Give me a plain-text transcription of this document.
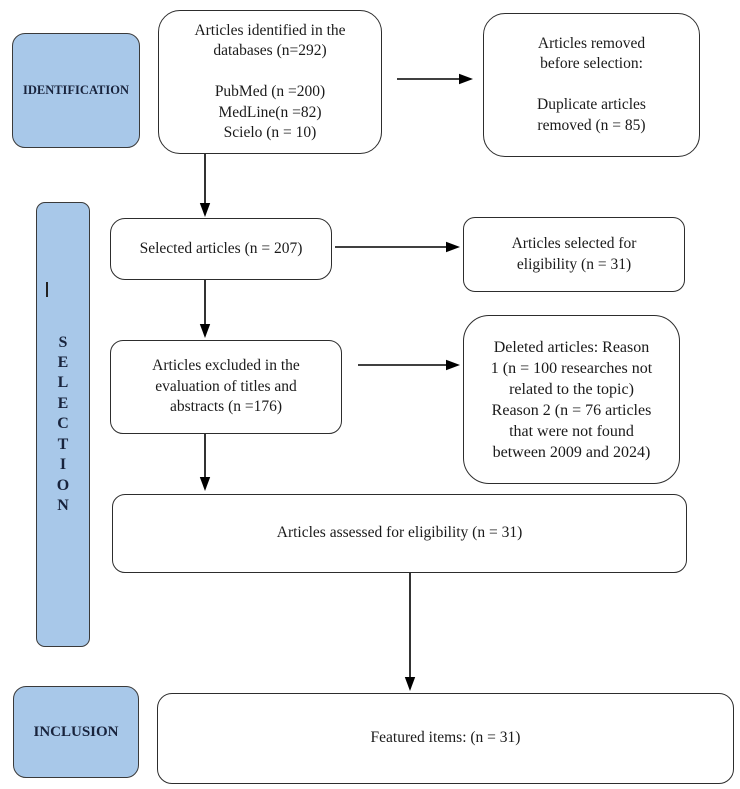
IDENTIFICATION
S
E
L
E
C
T
I
O
N
INCLUSION
Articles identified in the
databases (n=292)
PubMed (n =200)
MedLine(n =82)
Scielo (n = 10)
Articles removed
before selection:
Duplicate articles
removed (n = 85)
Selected articles (n = 207)	Articles selected for
eligibility (n = 31)
Articles excluded in the
evaluation of titles and
abstracts (n =176)
Deleted articles: Reason
1 (n = 100 researches not
related to the topic)
Reason 2 (n = 76 articles
that were not found
between 2009 and 2024)
Articles assessed for eligibility (n = 31)
Featured items: (n = 31)
